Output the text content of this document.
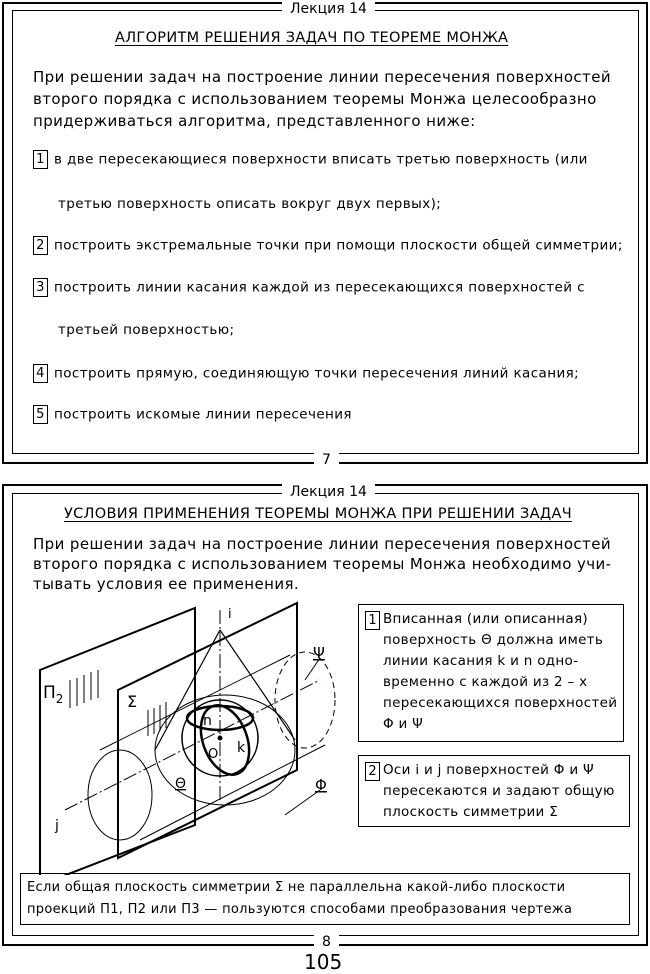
Лекция 14
7
АЛГОРИТМ РЕШЕНИЯ ЗАДАЧ ПО ТЕОРЕМЕ МОНЖА
При решении задач на построение линии пересечения поверхностей
второго порядка с использованием теоремы Монжа целесообразно
придерживаться алгоритма, представленного ниже:
1 в две пересекающиеся поверхности вписать третью поверхность (или
третью поверхность описать вокруг двух первых);
2 построить экстремальные точки при помощи плоскости общей симметрии;
3 построить линии касания каждой из пересекающихся поверхностей с
третьей поверхностью;
4 построить прямую, соединяющую точки пересечения линий касания;
5 построить искомые линии пересечения
Лекция 14
8
УСЛОВИЯ ПРИМЕНЕНИЯ ТЕОРЕМЫ МОНЖА ПРИ РЕШЕНИИ ЗАДАЧ
При решении задач на построение линии пересечения поверхностей
второго порядка с использованием теоремы Монжа необходимо учи-
тывать условия ее применения.
$\Pi_2$	Σ
i
j
n
k
O
Θ	Φ
Ψ
1 Вписанная (или описанная)
поверхность Θ должна иметь
линии касания k и n одно-
временно с каждой из 2 – х
пересекающихся поверхностей
Φ и Ψ
2 Оси i и j поверхностей Φ и Ψ
пересекаются и задают общую
плоскость симметрии Σ
Если общая плоскость симметрии Σ не параллельна какой-либо плоскости
проекций Π1, Π2 или Π3 — пользуются способами преобразования чертежа
105
